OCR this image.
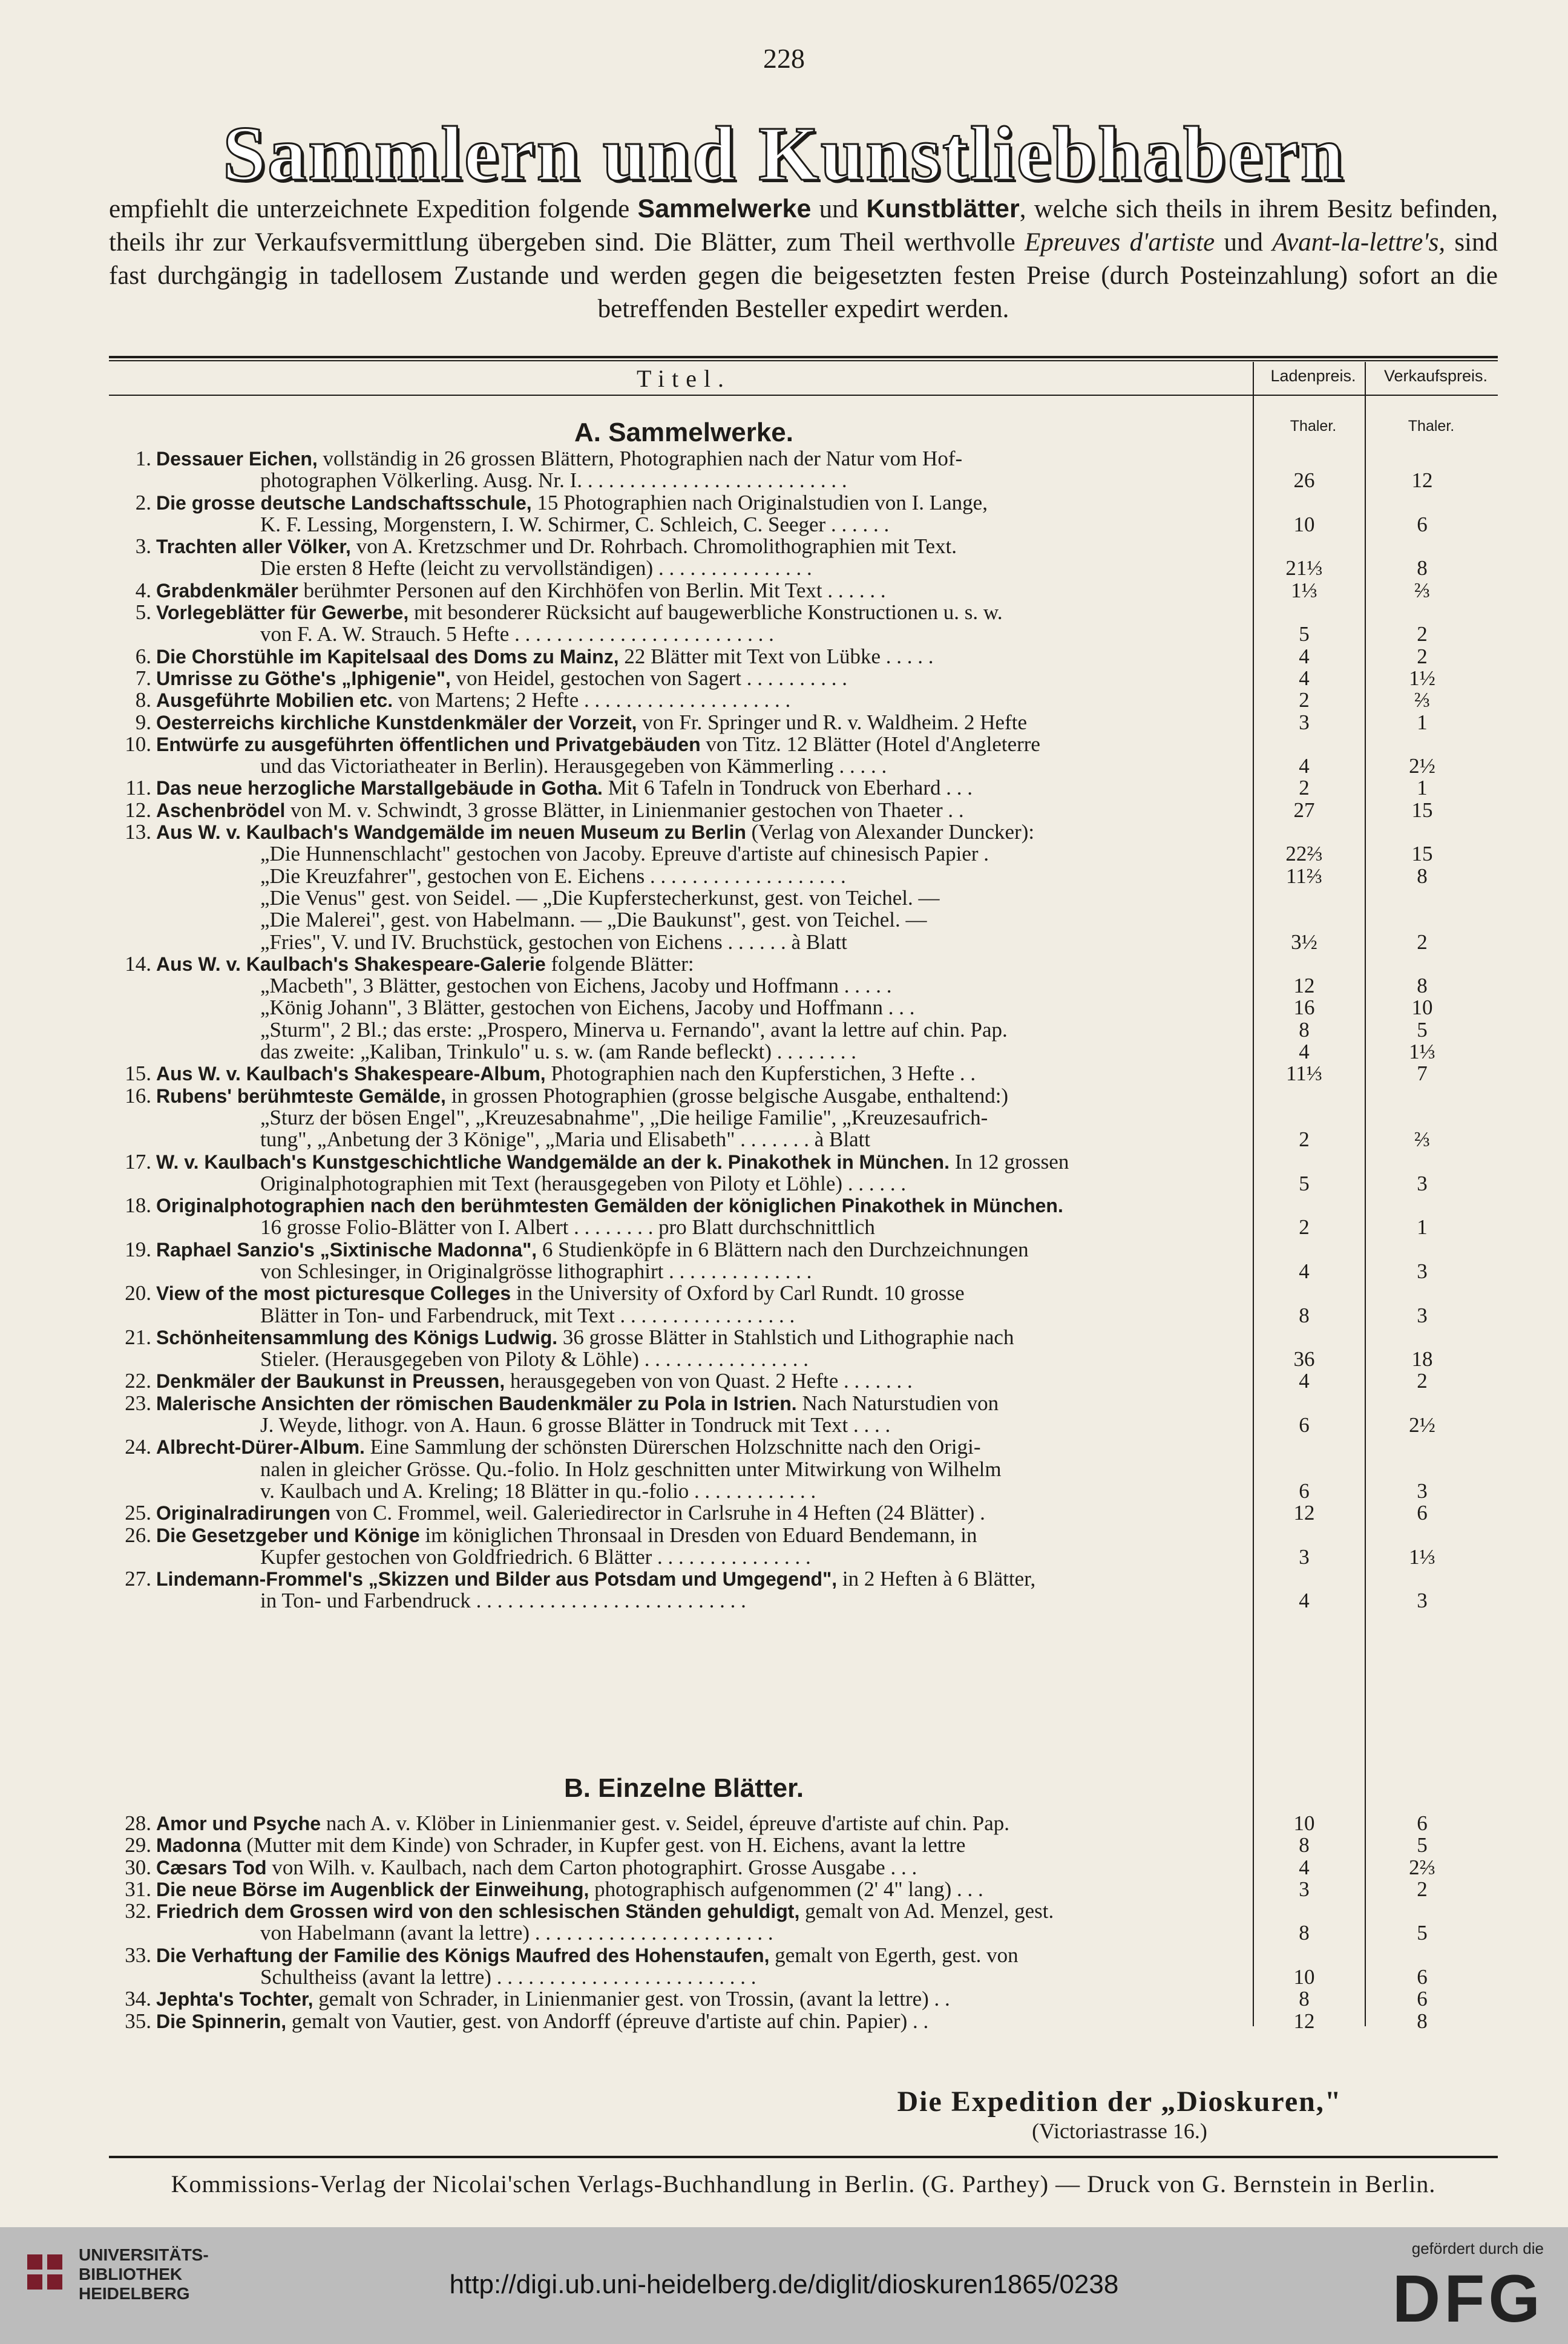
228
Sammlern und Kunstliebhabern
empfiehlt die unterzeichnete Expedition folgende Sammelwerke und Kunstblätter, welche sich theils in ihrem Besitz befinden, theils ihr zur Verkaufsvermittlung übergeben sind. Die Blätter, zum Theil werthvolle Epreuves d'artiste und Avant-la-lettre's, sind fast durchgängig in tadellosem Zustande und werden gegen die beigesetzten festen Preise (durch Posteinzahlung) sofort an die betreffenden Besteller expedirt werden.
Titel.	Ladenpreis.	Verkaufspreis.
A. Sammelwerke.	Thaler.	Thaler.
1. Dessauer Eichen, vollständig in 26 grossen Blättern, Photographien nach der Natur vom Hof-
photographen Völkerling. Ausg. Nr. I. . . . . . . . . . . . . . . . . . . . . . . . . .	26	12
2. Die grosse deutsche Landschaftsschule, 15 Photographien nach Originalstudien von I. Lange,
K. F. Lessing, Morgenstern, I. W. Schirmer, C. Schleich, C. Seeger . . . . . .	10	6
3. Trachten aller Völker, von A. Kretzschmer und Dr. Rohrbach. Chromolithographien mit Text.
Die ersten 8 Hefte (leicht zu vervollständigen) . . . . . . . . . . . . . . .	21⅓	8
4. Grabdenkmäler berühmter Personen auf den Kirchhöfen von Berlin. Mit Text . . . . . .	1⅓	⅔
5. Vorlegeblätter für Gewerbe, mit besonderer Rücksicht auf baugewerbliche Konstructionen u. s. w.
von F. A. W. Strauch. 5 Hefte . . . . . . . . . . . . . . . . . . . . . . . . .	5	2
6. Die Chorstühle im Kapitelsaal des Doms zu Mainz, 22 Blätter mit Text von Lübke . . . . .	4	2
7. Umrisse zu Göthe's „Iphigenie", von Heidel, gestochen von Sagert . . . . . . . . . .	4	1½
8. Ausgeführte Mobilien etc. von Martens; 2 Hefte . . . . . . . . . . . . . . . . . . . .	2	⅔
9. Oesterreichs kirchliche Kunstdenkmäler der Vorzeit, von Fr. Springer und R. v. Waldheim. 2 Hefte	3	1
10. Entwürfe zu ausgeführten öffentlichen und Privatgebäuden von Titz. 12 Blätter (Hotel d'Angleterre
und das Victoriatheater in Berlin). Herausgegeben von Kämmerling . . . . .	4	2½
11. Das neue herzogliche Marstallgebäude in Gotha. Mit 6 Tafeln in Tondruck von Eberhard . . .	2	1
12. Aschenbrödel von M. v. Schwindt, 3 grosse Blätter, in Linienmanier gestochen von Thaeter . .	27	15
13. Aus W. v. Kaulbach's Wandgemälde im neuen Museum zu Berlin (Verlag von Alexander Duncker):
„Die Hunnenschlacht" gestochen von Jacoby. Epreuve d'artiste auf chinesisch Papier .	22⅔	15
„Die Kreuzfahrer", gestochen von E. Eichens . . . . . . . . . . . . . . . . . . .	11⅔	8
„Die Venus" gest. von Seidel. — „Die Kupferstecherkunst, gest. von Teichel. —
„Die Malerei", gest. von Habelmann. — „Die Baukunst", gest. von Teichel. —
„Fries", V. und IV. Bruchstück, gestochen von Eichens . . . . . . à Blatt	3½	2
14. Aus W. v. Kaulbach's Shakespeare-Galerie folgende Blätter:
„Macbeth", 3 Blätter, gestochen von Eichens, Jacoby und Hoffmann . . . . .	12	8
„König Johann", 3 Blätter, gestochen von Eichens, Jacoby und Hoffmann . . .	16	10
„Sturm", 2 Bl.; das erste: „Prospero, Minerva u. Fernando", avant la lettre auf chin. Pap.	8	5
das zweite: „Kaliban, Trinkulo" u. s. w. (am Rande befleckt) . . . . . . . .	4	1⅓
15. Aus W. v. Kaulbach's Shakespeare-Album, Photographien nach den Kupferstichen, 3 Hefte . .	11⅓	7
16. Rubens' berühmteste Gemälde, in grossen Photographien (grosse belgische Ausgabe, enthaltend:)
„Sturz der bösen Engel", „Kreuzesabnahme", „Die heilige Familie", „Kreuzesaufrich-
tung", „Anbetung der 3 Könige", „Maria und Elisabeth" . . . . . . . à Blatt	2	⅔
17. W. v. Kaulbach's Kunstgeschichtliche Wandgemälde an der k. Pinakothek in München. In 12 grossen
Originalphotographien mit Text (herausgegeben von Piloty et Löhle) . . . . . .	5	3
18. Originalphotographien nach den berühmtesten Gemälden der königlichen Pinakothek in München.
16 grosse Folio-Blätter von I. Albert . . . . . . . . pro Blatt durchschnittlich	2	1
19. Raphael Sanzio's „Sixtinische Madonna", 6 Studienköpfe in 6 Blättern nach den Durchzeichnungen
von Schlesinger, in Originalgrösse lithographirt . . . . . . . . . . . . . .	4	3
20. View of the most picturesque Colleges in the University of Oxford by Carl Rundt. 10 grosse
Blätter in Ton- und Farbendruck, mit Text . . . . . . . . . . . . . . . . .	8	3
21. Schönheitensammlung des Königs Ludwig. 36 grosse Blätter in Stahlstich und Lithographie nach
Stieler. (Herausgegeben von Piloty & Löhle) . . . . . . . . . . . . . . . .	36	18
22. Denkmäler der Baukunst in Preussen, herausgegeben von von Quast. 2 Hefte . . . . . . .	4	2
23. Malerische Ansichten der römischen Baudenkmäler zu Pola in Istrien. Nach Naturstudien von
J. Weyde, lithogr. von A. Haun. 6 grosse Blätter in Tondruck mit Text . . . .	6	2½
24. Albrecht-Dürer-Album. Eine Sammlung der schönsten Dürerschen Holzschnitte nach den Origi-
nalen in gleicher Grösse. Qu.-folio. In Holz geschnitten unter Mitwirkung von Wilhelm
v. Kaulbach und A. Kreling; 18 Blätter in qu.-folio . . . . . . . . . . . .	6	3
25. Originalradirungen von C. Frommel, weil. Galeriedirector in Carlsruhe in 4 Heften (24 Blätter) .	12	6
26. Die Gesetzgeber und Könige im königlichen Thronsaal in Dresden von Eduard Bendemann, in
Kupfer gestochen von Goldfriedrich. 6 Blätter . . . . . . . . . . . . . . .	3	1⅓
27. Lindemann-Frommel's „Skizzen und Bilder aus Potsdam und Umgegend", in 2 Heften à 6 Blätter,
in Ton- und Farbendruck . . . . . . . . . . . . . . . . . . . . . . . . . .	4	3
B. Einzelne Blätter.
28. Amor und Psyche nach A. v. Klöber in Linienmanier gest. v. Seidel, épreuve d'artiste auf chin. Pap.	10	6
29. Madonna (Mutter mit dem Kinde) von Schrader, in Kupfer gest. von H. Eichens, avant la lettre	8	5
30. Cæsars Tod von Wilh. v. Kaulbach, nach dem Carton photographirt. Grosse Ausgabe . . .	4	2⅔
31. Die neue Börse im Augenblick der Einweihung, photographisch aufgenommen (2' 4" lang) . . .	3	2
32. Friedrich dem Grossen wird von den schlesischen Ständen gehuldigt, gemalt von Ad. Menzel, gest.
von Habelmann (avant la lettre) . . . . . . . . . . . . . . . . . . . . . . .	8	5
33. Die Verhaftung der Familie des Königs Maufred des Hohenstaufen, gemalt von Egerth, gest. von
Schultheiss (avant la lettre) . . . . . . . . . . . . . . . . . . . . . . . . .	10	6
34. Jephta's Tochter, gemalt von Schrader, in Linienmanier gest. von Trossin, (avant la lettre) . .	8	6
35. Die Spinnerin, gemalt von Vautier, gest. von Andorff (épreuve d'artiste auf chin. Papier) . .	12	8
Die Expedition der „Dioskuren,"
(Victoriastrasse 16.)
Kommissions-Verlag der Nicolai'schen Verlags-Buchhandlung in Berlin. (G. Parthey) — Druck von G. Bernstein in Berlin.
UNIVERSITÄTS-
BIBLIOTHEK
HEIDELBERG	http://digi.ub.uni-heidelberg.de/diglit/dioskuren1865/0238
gefördert durch die
DFG
